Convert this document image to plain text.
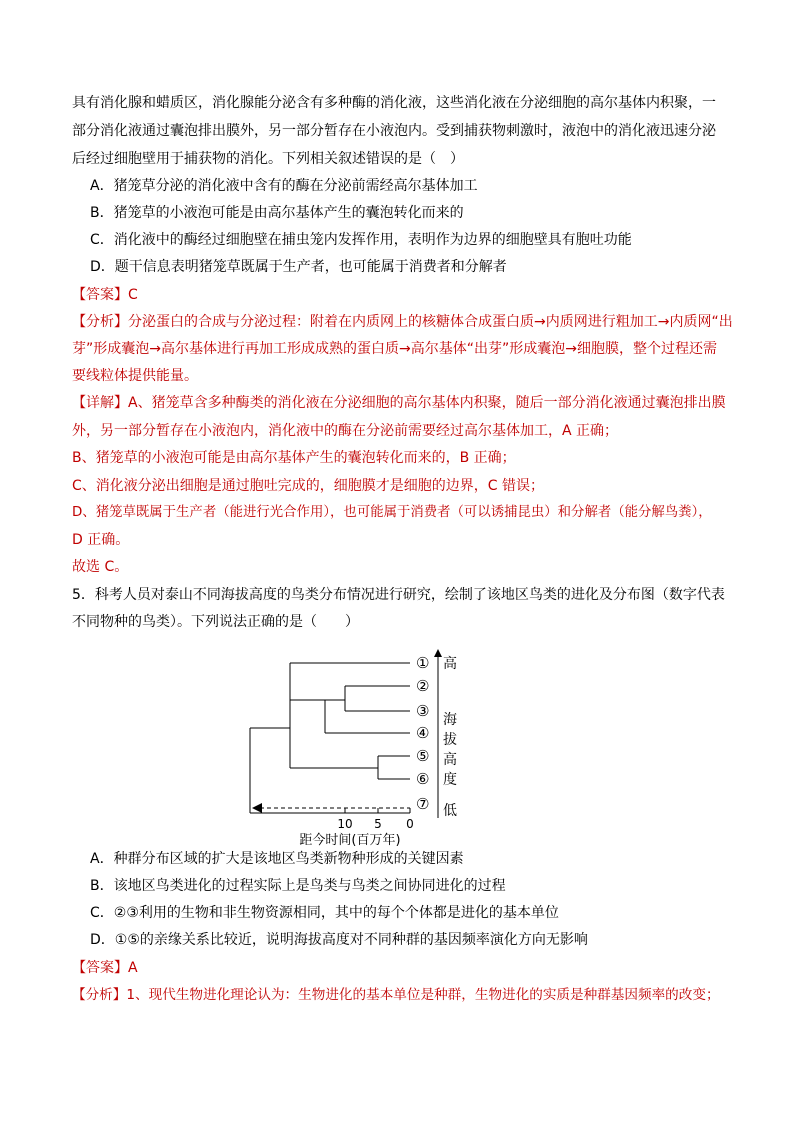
具有消化腺和蜡质区，消化腺能分泌含有多种酶的消化液，这些消化液在分泌细胞的高尔基体内积聚，一
部分消化液通过囊泡排出膜外，另一部分暂存在小液泡内。受到捕获物刺激时，液泡中的消化液迅速分泌
后经过细胞壁用于捕获物的消化。下列相关叙述错误的是（　）
A．猪笼草分泌的消化液中含有的酶在分泌前需经高尔基体加工
B．猪笼草的小液泡可能是由高尔基体产生的囊泡转化而来的
C．消化液中的酶经过细胞壁在捕虫笼内发挥作用，表明作为边界的细胞壁具有胞吐功能
D．题干信息表明猪笼草既属于生产者，也可能属于消费者和分解者
【答案】C
【分析】分泌蛋白的合成与分泌过程：附着在内质网上的核糖体合成蛋白质→内质网进行粗加工→内质网“出
芽”形成囊泡→高尔基体进行再加工形成成熟的蛋白质→高尔基体“出芽”形成囊泡→细胞膜，整个过程还需
要线粒体提供能量。
【详解】A、猪笼草含多种酶类的消化液在分泌细胞的高尔基体内积聚，随后一部分消化液通过囊泡排出膜
外，另一部分暂存在小液泡内，消化液中的酶在分泌前需要经过高尔基体加工，A 正确；
B、猪笼草的小液泡可能是由高尔基体产生的囊泡转化而来的，B 正确；
C、消化液分泌出细胞是通过胞吐完成的，细胞膜才是细胞的边界，C 错误；
D、猪笼草既属于生产者（能进行光合作用），也可能属于消费者（可以诱捕昆虫）和分解者（能分解鸟粪），
D 正确。
故选 C。
5．科考人员对泰山不同海拔高度的鸟类分布情况进行研究，绘制了该地区鸟类的进化及分布图（数字代表
不同物种的鸟类）。下列说法正确的是（　　）
①
②
③
④
⑤
⑥
⑦
高
海
拔
高
度
低
10 5 0
距今时间(百万年)
A．种群分布区域的扩大是该地区鸟类新物种形成的关键因素
B．该地区鸟类进化的过程实际上是鸟类与鸟类之间协同进化的过程
C．②③利用的生物和非生物资源相同，其中的每个个体都是进化的基本单位
D．①⑤的亲缘关系比较近，说明海拔高度对不同种群的基因频率演化方向无影响
【答案】A
【分析】1、现代生物进化理论认为：生物进化的基本单位是种群，生物进化的实质是种群基因频率的改变；
